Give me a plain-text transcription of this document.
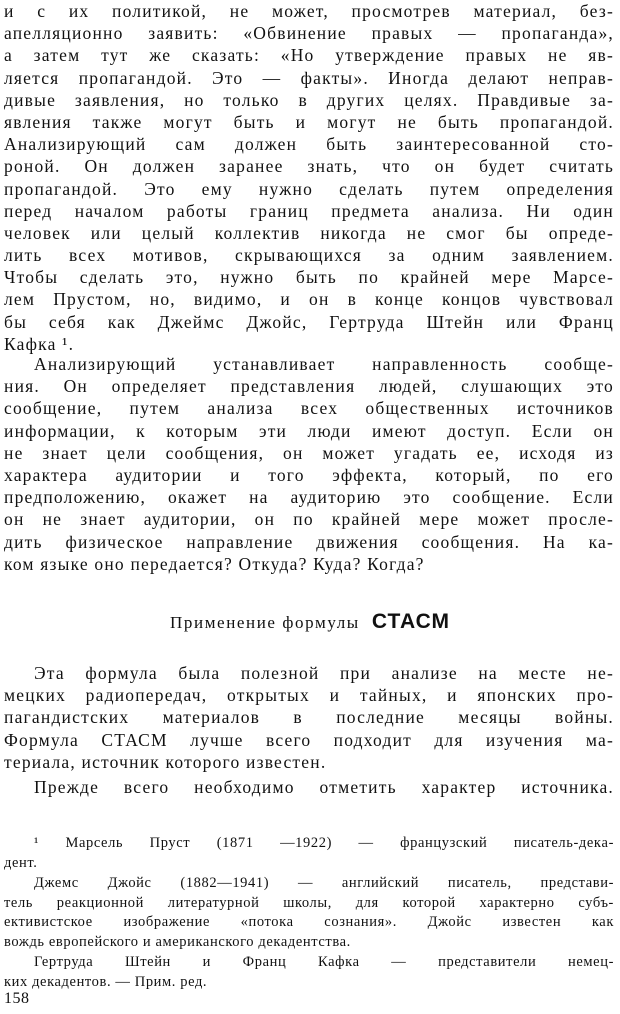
и с их политикой, не может, просмотрев материал, без-
апелляционно заявить: «Обвинение правых — пропаганда»,
а затем тут же сказать: «Но утверждение правых не яв-
ляется пропагандой. Это — факты». Иногда делают неправ-
дивые заявления, но только в других целях. Правдивые за-
явления также могут быть и могут не быть пропагандой.
Анализирующий сам должен быть заинтересованной сто-
роной. Он должен заранее знать, что он будет считать
пропагандой. Это ему нужно сделать путем определения
перед началом работы границ предмета анализа. Ни один
человек или целый коллектив никогда не смог бы опреде-
лить всех мотивов, скрывающихся за одним заявлением.
Чтобы сделать это, нужно быть по крайней мере Марсе-
лем Прустом, но, видимо, и он в конце концов чувствовал
бы себя как Джеймс Джойс, Гертруда Штейн или Франц
Кафка ¹.
Анализирующий устанавливает направленность сообще-
ния. Он определяет представления людей, слушающих это
сообщение, путем анализа всех общественных источников
информации, к которым эти люди имеют доступ. Если он
не знает цели сообщения, он может угадать ее, исходя из
характера аудитории и того эффекта, который, по его
предположению, окажет на аудиторию это сообщение. Если
он не знает аудитории, он по крайней мере может просле-
дить физическое направление движения сообщения. На ка-
ком языке оно передается? Откуда? Куда? Когда?
Применение формулы СТАСМ
Эта формула была полезной при анализе на месте не-
мецких радиопередач, открытых и тайных, и японских про-
пагандистских материалов в последние месяцы войны.
Формула СТАСМ лучше всего подходит для изучения ма-
териала, источник которого известен.
Прежде всего необходимо отметить характер источника.
¹ Марсель Пруст (1871 —1922) — французский писатель-декa-
дент.
Джемс Джойс (1882—1941) — английский писатель, представи-
тель реакционной литературной школы, для которой характерно субъ-
ективистское изображение «потока сознания». Джойс известен как
вождь европейского и американского декадентства.
Гертруда Штейн и Франц Кафка — представители немец-
ких декадентов. — Прим. ред.
158
